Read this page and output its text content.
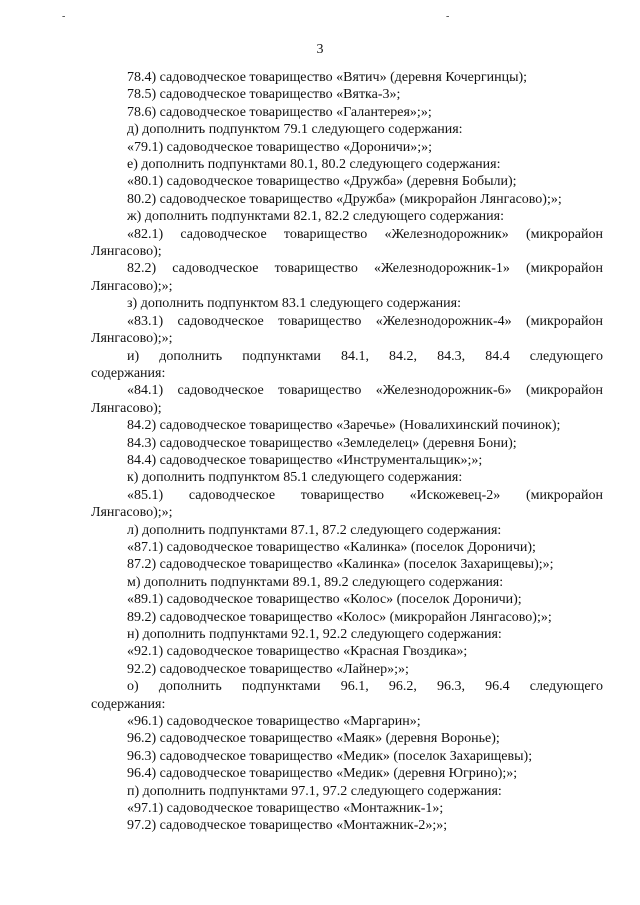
-	-
3
78.4) садоводческое товарищество «Вятич» (деревня Кочергинцы);
78.5) садоводческое товарищество «Вятка-3»;
78.6) садоводческое товарищество «Галантерея»;»;
д) дополнить подпунктом 79.1 следующего содержания:
«79.1) садоводческое товарищество «Дороничи»;»;
е) дополнить подпунктами 80.1, 80.2 следующего содержания:
«80.1) садоводческое товарищество «Дружба» (деревня Бобыли);
80.2) садоводческое товарищество «Дружба» (микрорайон Лянгасово);»;
ж) дополнить подпунктами 82.1, 82.2 следующего содержания:
«82.1) садоводческое товарищество «Железнодорожник» (микрорайон
Лянгасово);
82.2) садоводческое товарищество «Железнодорожник-1» (микрорайон
Лянгасово);»;
з) дополнить подпунктом 83.1 следующего содержания:
«83.1) садоводческое товарищество «Железнодорожник-4» (микрорайон
Лянгасово);»;
и) дополнить подпунктами 84.1, 84.2, 84.3, 84.4 следующего
содержания:
«84.1) садоводческое товарищество «Железнодорожник-6» (микрорайон
Лянгасово);
84.2) садоводческое товарищество «Заречье» (Новалихинский починок);
84.3) садоводческое товарищество «Земледелец» (деревня Бони);
84.4) садоводческое товарищество «Инструментальщик»;»;
к) дополнить подпунктом 85.1 следующего содержания:
«85.1) садоводческое товарищество «Искожевец-2» (микрорайон
Лянгасово);»;
л) дополнить подпунктами 87.1, 87.2 следующего содержания:
«87.1) садоводческое товарищество «Калинка» (поселок Дороничи);
87.2) садоводческое товарищество «Калинка» (поселок Захарищевы);»;
м) дополнить подпунктами 89.1, 89.2 следующего содержания:
«89.1) садоводческое товарищество «Колос» (поселок Дороничи);
89.2) садоводческое товарищество «Колос» (микрорайон Лянгасово);»;
н) дополнить подпунктами 92.1, 92.2 следующего содержания:
«92.1) садоводческое товарищество «Красная Гвоздика»;
92.2) садоводческое товарищество «Лайнер»;»;
о) дополнить подпунктами 96.1, 96.2, 96.3, 96.4 следующего
содержания:
«96.1) садоводческое товарищество «Маргарин»;
96.2) садоводческое товарищество «Маяк» (деревня Воронье);
96.3) садоводческое товарищество «Медик» (поселок Захарищевы);
96.4) садоводческое товарищество «Медик» (деревня Югрино);»;
п) дополнить подпунктами 97.1, 97.2 следующего содержания:
«97.1) садоводческое товарищество «Монтажник-1»;
97.2) садоводческое товарищество «Монтажник-2»;»;
